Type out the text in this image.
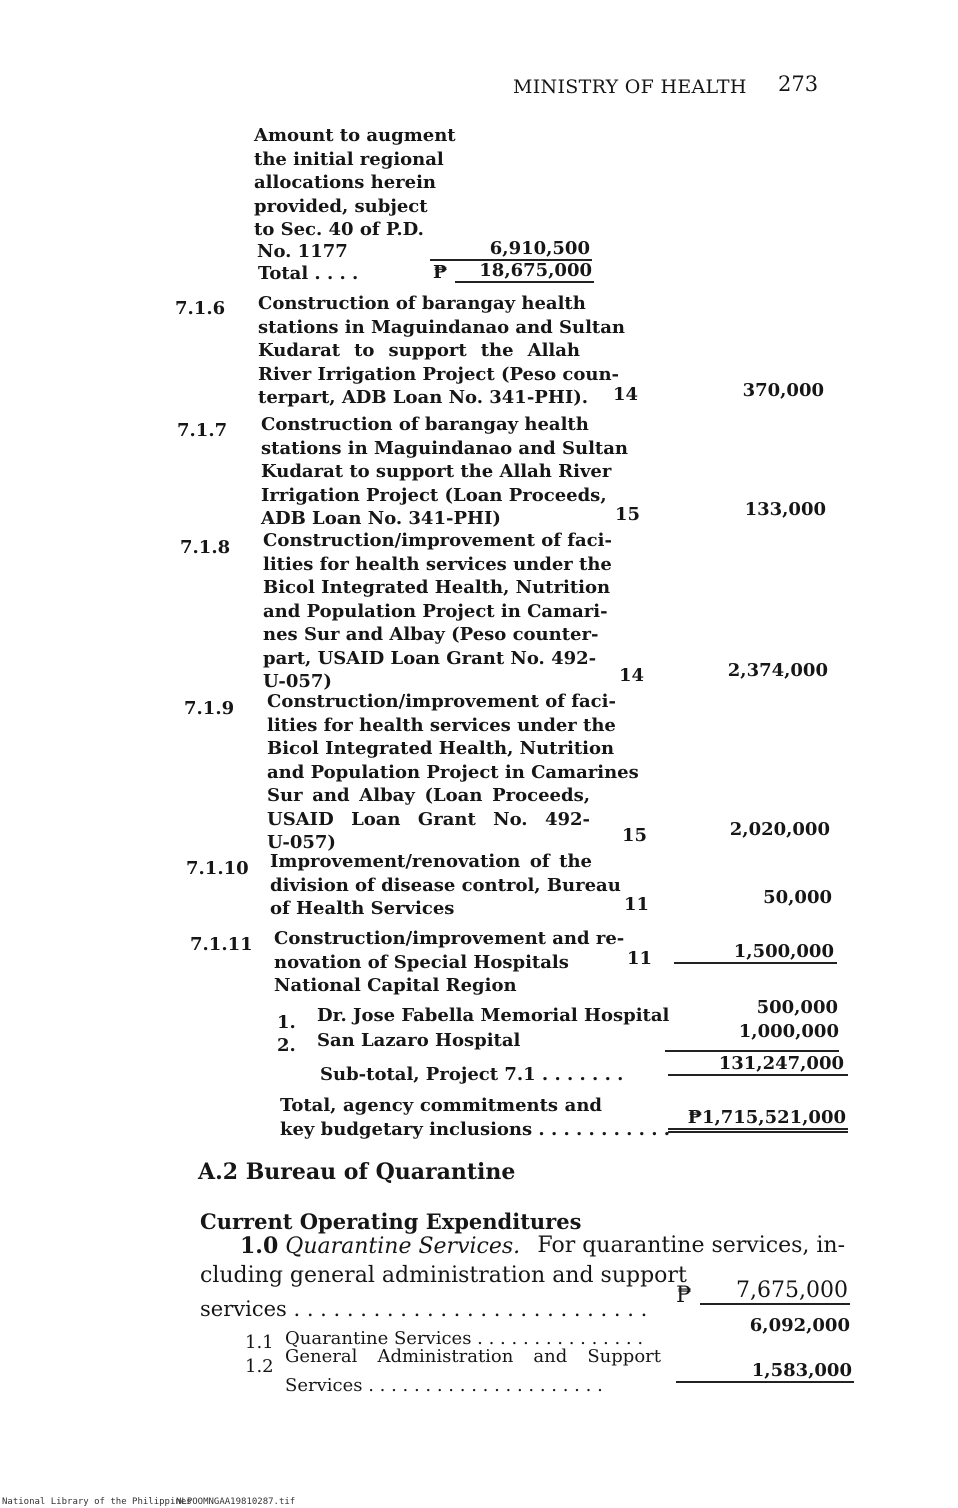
MINISTRY OF HEALTH 273
Amount to augment
the initial regional
allocations herein
provided, subject
to Sec. 40 of P.D.
No. 1177	6,910,500
Total . . . .	₱	18,675,000
7.1.6 Construction of barangay health
stations in Maguindanao and Sultan
Kudarat to support the Allah
River Irrigation Project (Peso coun-
terpart, ADB Loan No. 341-PHI). 14	370,000
7.1.7 Construction of barangay health
stations in Maguindanao and Sultan
Kudarat to support the Allah River
Irrigation Project (Loan Proceeds,
ADB Loan No. 341-PHI)	15	133,000
7.1.8 Construction/improvement of faci-
lities for health services under the
Bicol Integrated Health, Nutrition
and Population Project in Camari-
nes Sur and Albay (Peso counter-
part, USAID Loan Grant No. 492-
U-057)	14	2,374,000
7.1.9 Construction/improvement of faci-
lities for health services under the
Bicol Integrated Health, Nutrition
and Population Project in Camarines
Sur and Albay (Loan Proceeds,
USAID Loan Grant No. 492-
U-057)	15	2,020,000
7.1.10 Improvement/renovation of the
division of disease control, Bureau
of Health Services	11	50,000
7.1.11 Construction/improvement and re-
novation of Special Hospitals
National Capital Region
11	1,500,000
1. Dr. Jose Fabella Memorial Hospital	500,000
2. San Lazaro Hospital	1,000,000
Sub-total, Project 7.1 . . . . . . .
131,247,000
Total, agency commitments and
key budgetary inclusions . . . . . . . . . . .
₱1,715,521,000
A.2 Bureau of Quarantine
Current Operating Expenditures
1.0 Quarantine Services. For quarantine services, in-
cluding general administration and support
services . . . . . . . . . . . . . . . . . . . . . . . . . . .
₱	7,675,000
1.1 Quarantine Services . . . . . . . . . . . . . . .
6,092,000
1.2 General Administration and Support
Services . . . . . . . . . . . . . . . . . . . . .
1,583,000
National Library of the Philippines
NLPOOMNGAA19810287.tif
